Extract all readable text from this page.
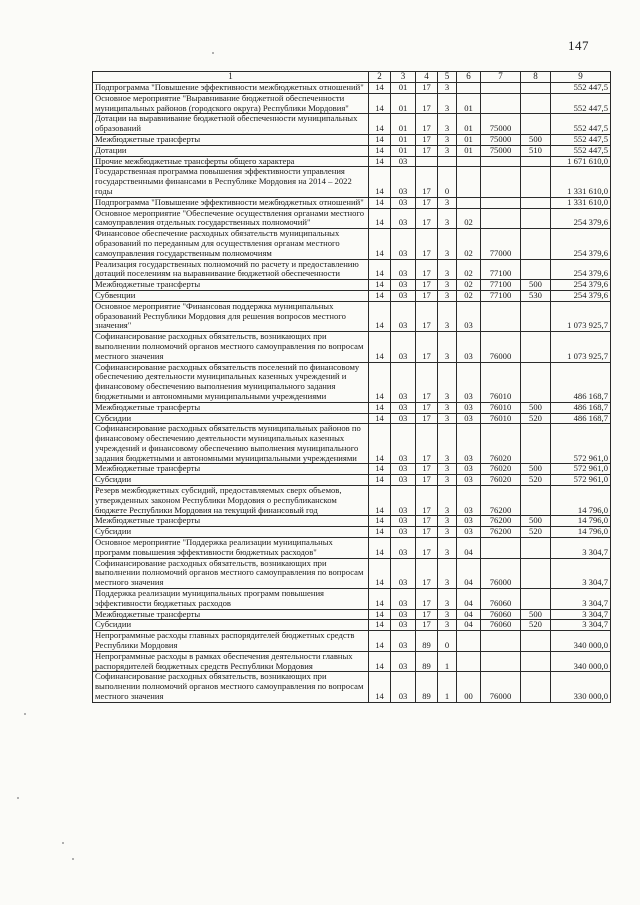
147
1	2	3	4	5	6	7	8	9
Подпрограмма "Повышение эффективности межбюджетных отношений"	14	01	17	3				552 447,5
Основное мероприятие "Выравнивание бюджетной обеспеченности муниципальных районов (городского округа) Республики Мордовия"	14	01	17	3	01			552 447,5
Дотации на выравнивание бюджетной обеспеченности муниципальных образований	14	01	17	3	01	75000		552 447,5
Межбюджетные трансферты	14	01	17	3	01	75000	500	552 447,5
Дотации	14	01	17	3	01	75000	510	552 447,5
Прочие межбюджетные трансферты общего характера	14	03						1 671 610,0
Государственная программа повышения эффективности управления государственными финансами в Республике Мордовия на 2014 – 2022 годы	14	03	17	0				1 331 610,0
Подпрограмма "Повышение эффективности межбюджетных отношений"	14	03	17	3				1 331 610,0
Основное мероприятие "Обеспечение осуществления органами местного самоуправления отдельных государственных полномочий"	14	03	17	3	02			254 379,6
Финансовое обеспечение расходных обязательств муниципальных образований по переданным для осуществления органам местного самоуправления государственным полномочиям	14	03	17	3	02	77000		254 379,6
Реализация государственных полномочий по расчету и предоставлению дотаций поселениям на выравнивание бюджетной обеспеченности	14	03	17	3	02	77100		254 379,6
Межбюджетные трансферты	14	03	17	3	02	77100	500	254 379,6
Субвенции	14	03	17	3	02	77100	530	254 379,6
Основное мероприятие "Финансовая поддержка муниципальных образований Республики Мордовия для решения вопросов местного значения"	14	03	17	3	03			1 073 925,7
Софинансирование расходных обязательств, возникающих при выполнении полномочий органов местного самоуправления по вопросам местного значения	14	03	17	3	03	76000		1 073 925,7
Софинансирование расходных обязательств поселений по финансовому обеспечению деятельности муниципальных казенных учреждений и финансовому обеспечению выполнения муниципального задания бюджетными и автономными муниципальными учреждениями	14	03	17	3	03	76010		486 168,7
Межбюджетные трансферты	14	03	17	3	03	76010	500	486 168,7
Субсидии	14	03	17	3	03	76010	520	486 168,7
Софинансирование расходных обязательств муниципальных районов по финансовому обеспечению деятельности муниципальных казенных учреждений и финансовому обеспечению выполнения муниципального задания бюджетными и автономными муниципальными учреждениями	14	03	17	3	03	76020		572 961,0
Межбюджетные трансферты	14	03	17	3	03	76020	500	572 961,0
Субсидии	14	03	17	3	03	76020	520	572 961,0
Резерв межбюджетных субсидий, предоставляемых сверх объемов, утвержденных законом Республики Мордовия о республиканском бюджете Республики Мордовия на текущий финансовый год	14	03	17	3	03	76200		14 796,0
Межбюджетные трансферты	14	03	17	3	03	76200	500	14 796,0
Субсидии	14	03	17	3	03	76200	520	14 796,0
Основное мероприятие "Поддержка реализации муниципальных программ повышения эффективности бюджетных расходов"	14	03	17	3	04			3 304,7
Софинансирование расходных обязательств, возникающих при выполнении полномочий органов местного самоуправления по вопросам местного значения	14	03	17	3	04	76000		3 304,7
Поддержка реализации муниципальных программ повышения эффективности бюджетных расходов	14	03	17	3	04	76060		3 304,7
Межбюджетные трансферты	14	03	17	3	04	76060	500	3 304,7
Субсидии	14	03	17	3	04	76060	520	3 304,7
Непрограммные расходы главных распорядителей бюджетных средств Республики Мордовия	14	03	89	0				340 000,0
Непрограммные расходы в рамках обеспечения деятельности главных распорядителей бюджетных средств Республики Мордовия	14	03	89	1				340 000,0
Софинансирование расходных обязательств, возникающих при выполнении полномочий органов местного самоуправления по вопросам местного значения	14	03	89	1	00	76000		330 000,0
